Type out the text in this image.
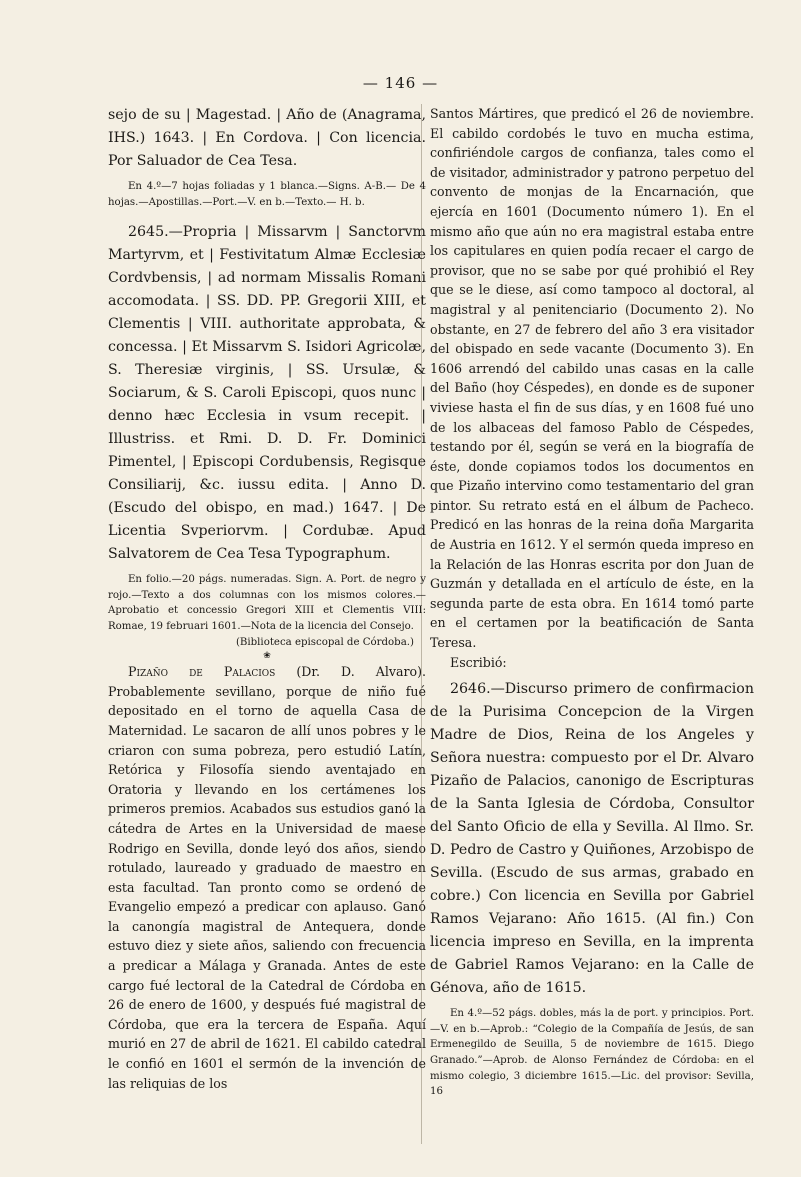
— 146 —

sejo de su | Magestad. | Año de (Anagrama, IHS.) 1643. | En Cordova. | Con licencia. Por Saluador de Cea Tesa.

En 4.º—7 hojas foliadas y 1 blanca.—Signs. A-B.— De 4 hojas.—Apostillas.—Port.—V. en b.—Texto.— H. b.

2645.—Propria | Missarvm | Sanctorvm Martyrvm, et | Festivitatum Almæ Ecclesiæ Cordvbensis, | ad normam Missalis Romani accomodata. | SS. DD. PP. Gregorii XIII, et Clementis | VIII. authoritate approbata, & concessa. | Et Missarvm S. Isidori Agricolæ, S. Theresiæ virginis, | SS. Ursulæ, & Sociarum, & S. Caroli Episcopi, quos nunc | denno hæc Ecclesia in vsum recepit. | Illustriss. et Rmi. D. D. Fr. Dominici Pimentel, | Episcopi Cordubensis, Regisque Consiliarij, &c. iussu edita. | Anno D. (Escudo del obispo, en mad.) 1647. | De Licentia Svperiorvm. | Cordubæ. Apud Salvatorem de Cea Tesa Typographum.

En folio.—20 págs. numeradas. Sign. A. Port. de negro y rojo.—Texto a dos columnas con los mismos colores.—Aprobatio et concessio Gregori XIII et Clementis VIII: Romae, 19 februari 1601.—Nota de la licencia del Consejo.

(Biblioteca episcopal de Córdoba.)

❀

Pizaño de Palacios (Dr. D. Alvaro). Probablemente sevillano, porque de niño fué depositado en el torno de aquella Casa de Maternidad. Le sacaron de allí unos pobres y le criaron con suma pobreza, pero estudió Latín, Retórica y Filosofía siendo aventajado en Oratoria y llevando en los certámenes los primeros premios. Acabados sus estudios ganó la cátedra de Artes en la Universidad de maese Rodrigo en Sevilla, donde leyó dos años, siendo rotulado, laureado y graduado de maestro en esta facultad. Tan pronto como se ordenó de Evangelio empezó a predicar con aplauso. Ganó la canongía magistral de Antequera, donde estuvo diez y siete años, saliendo con frecuencia a predicar a Málaga y Granada. Antes de este cargo fué lectoral de la Catedral de Córdoba en 26 de enero de 1600, y después fué magistral de Córdoba, que era la tercera de España. Aquí murió en 27 de abril de 1621. El cabildo catedral le confió en 1601 el sermón de la invención de las reliquias de los

Santos Mártires, que predicó el 26 de noviembre. El cabildo cordobés le tuvo en mucha estima, confiriéndole cargos de confianza, tales como el de visitador, administrador y patrono perpetuo del convento de monjas de la Encarnación, que ejercía en 1601 (Documento número 1). En el mismo año que aún no era magistral estaba entre los capitulares en quien podía recaer el cargo de provisor, que no se sabe por qué prohibió el Rey que se le diese, así como tampoco al doctoral, al magistral y al penitenciario (Documento 2). No obstante, en 27 de febrero del año 3 era visitador del obispado en sede vacante (Documento 3). En 1606 arrendó del cabildo unas casas en la calle del Baño (hoy Céspedes), en donde es de suponer viviese hasta el fin de sus días, y en 1608 fué uno de los albaceas del famoso Pablo de Céspedes, testando por él, según se verá en la biografía de éste, donde copiamos todos los documentos en que Pizaño intervino como testamentario del gran pintor. Su retrato está en el álbum de Pacheco. Predicó en las honras de la reina doña Margarita de Austria en 1612. Y el sermón queda impreso en la Relación de las Honras escrita por don Juan de Guzmán y detallada en el artículo de éste, en la segunda parte de esta obra. En 1614 tomó parte en el certamen por la beatificación de Santa Teresa.

Escribió:

2646.—Discurso primero de confirmacion de la Purisima Concepcion de la Virgen Madre de Dios, Reina de los Angeles y Señora nuestra: compuesto por el Dr. Alvaro Pizaño de Palacios, canonigo de Escripturas de la Santa Iglesia de Córdoba, Consultor del Santo Oficio de ella y Sevilla. Al Ilmo. Sr. D. Pedro de Castro y Quiñones, Arzobispo de Sevilla. (Escudo de sus armas, grabado en cobre.) Con licencia en Sevilla por Gabriel Ramos Vejarano: Año 1615. (Al fin.) Con licencia impreso en Sevilla, en la imprenta de Gabriel Ramos Vejarano: en la Calle de Génova, año de 1615.

En 4.º—52 págs. dobles, más la de port. y principios. Port.—V. en b.—Aprob.: “Colegio de la Compañía de Jesús, de san Ermenegildo de Seuilla, 5 de noviembre de 1615. Diego Granado.”—Aprob. de Alonso Fernández de Córdoba: en el mismo colegio, 3 diciembre 1615.—Lic. del provisor: Sevilla, 16
